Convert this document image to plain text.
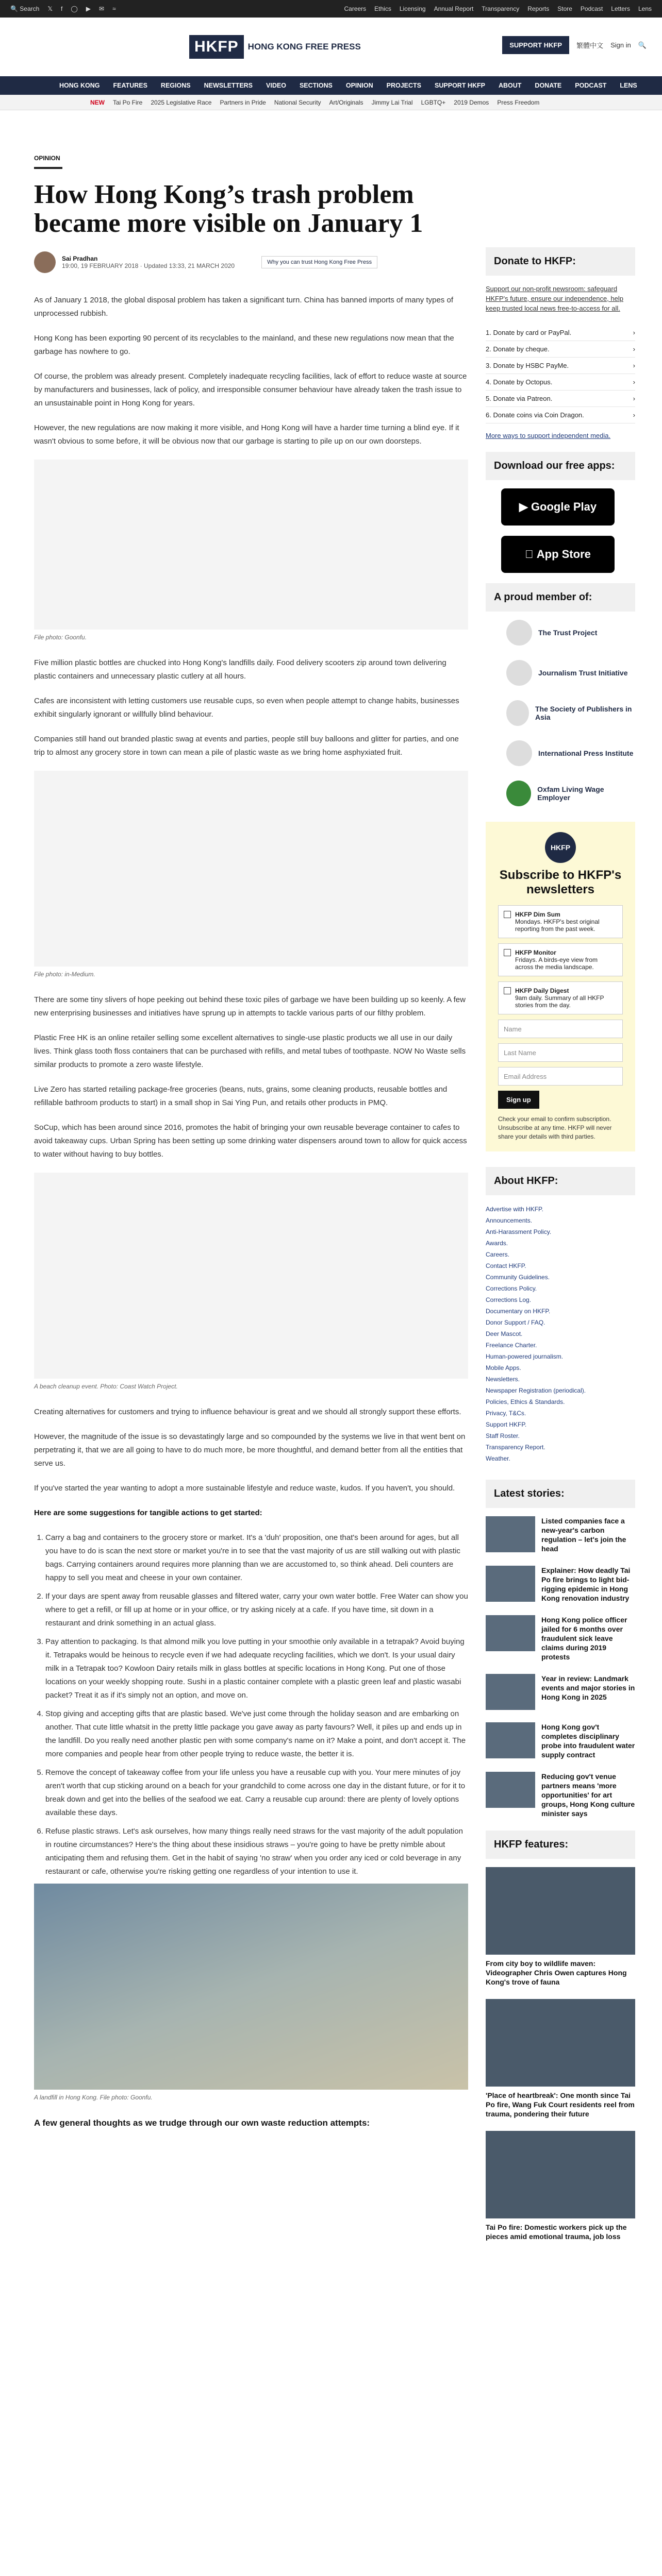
🔍 Search 𝕏 f ◯ ▶ ✉ ≈	Careers Ethics Licensing Annual Report Transparency Reports Store Podcast Letters Lens
HKFP	HONG KONG FREE PRESS	SUPPORT HKFP	繁體中文 Sign in 🔍
HONG KONG FEATURES REGIONS NEWSLETTERS VIDEO SECTIONS OPINION PROJECTS SUPPORT HKFP ABOUT DONATE PODCAST LENS
NEW Tai Po Fire 2025 Legislative Race Partners in Pride National Security Art/Originals Jimmy Lai Trial LGBTQ+ 2019 Demos Press Freedom
OPINION
How Hong Kong’s trash problem became more visible on January 1
Sai Pradhan
19:00, 19 FEBRUARY 2018 · Updated 13:33, 21 MARCH 2020	Why you can trust Hong Kong Free Press

As of January 1 2018, the global disposal problem has taken a significant turn. China has banned imports of many types of unprocessed rubbish.

Hong Kong has been exporting 90 percent of its recyclables to the mainland, and these new regulations now mean that the garbage has nowhere to go.

Of course, the problem was already present. Completely inadequate recycling facilities, lack of effort to reduce waste at source by manufacturers and businesses, lack of policy, and irresponsible consumer behaviour have already taken the trash issue to an unsustainable point in Hong Kong for years.

However, the new regulations are now making it more visible, and Hong Kong will have a harder time turning a blind eye. If it wasn't obvious to some before, it will be obvious now that our garbage is starting to pile up on our own doorsteps.

File photo: Goonfu.

Five million plastic bottles are chucked into Hong Kong's landfills daily. Food delivery scooters zip around town delivering plastic containers and unnecessary plastic cutlery at all hours.

Cafes are inconsistent with letting customers use reusable cups, so even when people attempt to change habits, businesses exhibit singularly ignorant or willfully blind behaviour.

Companies still hand out branded plastic swag at events and parties, people still buy balloons and glitter for parties, and one trip to almost any grocery store in town can mean a pile of plastic waste as we bring home asphyxiated fruit.

File photo: in-Medium.

There are some tiny slivers of hope peeking out behind these toxic piles of garbage we have been building up so keenly. A few new enterprising businesses and initiatives have sprung up in attempts to tackle various parts of our filthy problem.

Plastic Free HK is an online retailer selling some excellent alternatives to single-use plastic products we all use in our daily lives. Think glass tooth floss containers that can be purchased with refills, and metal tubes of toothpaste. NOW No Waste sells similar products to promote a zero waste lifestyle.

Live Zero has started retailing package-free groceries (beans, nuts, grains, some cleaning products, reusable bottles and refillable bathroom products to start) in a small shop in Sai Ying Pun, and retails other products in PMQ.

SoCup, which has been around since 2016, promotes the habit of bringing your own reusable beverage container to cafes to avoid takeaway cups. Urban Spring has been setting up some drinking water dispensers around town to allow for quick access to water without having to buy bottles.

A beach cleanup event. Photo: Coast Watch Project.

Creating alternatives for customers and trying to influence behaviour is great and we should all strongly support these efforts.

However, the magnitude of the issue is so devastatingly large and so compounded by the systems we live in that went bent on perpetrating it, that we are all going to have to do much more, be more thoughtful, and demand better from all the entities that serve us.

If you've started the year wanting to adopt a more sustainable lifestyle and reduce waste, kudos. If you haven't, you should.

Here are some suggestions for tangible actions to get started:

1. Carry a bag and containers to the grocery store or market. It's a 'duh' proposition, one that's been around for ages, but all you have to do is scan the next store or market you're in to see that the vast majority of us are still walking out with plastic bags. Carrying containers around requires more planning than we are accustomed to, so think ahead. Deli counters are happy to sell you meat and cheese in your own container.
2. If your days are spent away from reusable glasses and filtered water, carry your own water bottle. Free Water can show you where to get a refill, or fill up at home or in your office, or try asking nicely at a cafe. If you have time, sit down in a restaurant and drink something in an actual glass.
3. Pay attention to packaging. Is that almond milk you love putting in your smoothie only available in a tetrapak? Avoid buying it. Tetrapaks would be heinous to recycle even if we had adequate recycling facilities, which we don't. Is your usual dairy milk in a Tetrapak too? Kowloon Dairy retails milk in glass bottles at specific locations in Hong Kong. Put one of those locations on your weekly shopping route. Sushi in a plastic container complete with a plastic green leaf and plastic wasabi packet? Treat it as if it's simply not an option, and move on.
4. Stop giving and accepting gifts that are plastic based. We've just come through the holiday season and are embarking on another. That cute little whatsit in the pretty little package you gave away as party favours? Well, it piles up and ends up in the landfill. Do you really need another plastic pen with some company's name on it? Make a point, and don't accept it. The more companies and people hear from other people trying to reduce waste, the better it is.
5. Remove the concept of takeaway coffee from your life unless you have a reusable cup with you. Your mere minutes of joy aren't worth that cup sticking around on a beach for your grandchild to come across one day in the distant future, or for it to break down and get into the bellies of the seafood we eat. Carry a reusable cup around: there are plenty of lovely options available these days.
6. Refuse plastic straws. Let's ask ourselves, how many things really need straws for the vast majority of the adult population in routine circumstances? Here's the thing about these insidious straws – you're going to have be pretty nimble about anticipating them and refusing them. Get in the habit of saying 'no straw' when you order any iced or cold beverage in any restaurant or cafe, otherwise you're risking getting one regardless of your intention to use it.
A landfill in Hong Kong. File photo: Goonfu.

A few general thoughts as we trudge through our own waste reduction attempts:

Donate to HKFP:

Support our non-profit newsroom: safeguard HKFP's future, ensure our independence, help keep trusted local news free-to-access for all.

1. Donate by card or PayPal.	›
2. Donate by cheque.	›
3. Donate by HSBC PayMe.	›
4. Donate by Octopus.	›
5. Donate via Patreon.	›
6. Donate coins via Coin Dragon.	›

More ways to support independent media.

Download our free apps:
▶ Google Play
App Store
A proud member of:
The Trust Project
Journalism Trust Initiative
The Society of Publishers in Asia
International Press Institute
Oxfam Living Wage Employer
HKFP
Subscribe to HKFP's newsletters
HKFP Dim Sum
Mondays. HKFP's best original reporting from the past week.
HKFP Monitor
Fridays. A birds-eye view from across the media landscape.
HKFP Daily Digest
9am daily. Summary of all HKFP stories from the day.
Name
Last Name
Email Address
Sign up
Check your email to confirm subscription. Unsubscribe at any time. HKFP will never share your details with third parties.
About HKFP:
Advertise with HKFP.
Announcements.
Anti-Harassment Policy.
Awards.
Careers.
Contact HKFP.
Community Guidelines.
Corrections Policy.
Corrections Log.
Documentary on HKFP.
Donor Support / FAQ.
Deer Mascot.
Freelance Charter.
Human-powered journalism.
Mobile Apps.
Newsletters.
Newspaper Registration (periodical).
Policies, Ethics & Standards.
Privacy, T&Cs.
Support HKFP.
Staff Roster.
Transparency Report.
Weather.
Latest stories:
Listed companies face a new-year's carbon regulation – let's join the head
Explainer: How deadly Tai Po fire brings to light bid-rigging epidemic in Hong Kong renovation industry
Hong Kong police officer jailed for 6 months over fraudulent sick leave claims during 2019 protests
Year in review: Landmark events and major stories in Hong Kong in 2025
Hong Kong gov't completes disciplinary probe into fraudulent water supply contract
Reducing gov't venue partners means 'more opportunities' for art groups, Hong Kong culture minister says
HKFP features:
From city boy to wildlife maven: Videographer Chris Owen captures Hong Kong's trove of fauna
'Place of heartbreak': One month since Tai Po fire, Wang Fuk Court residents reel from trauma, pondering their future
Tai Po fire: Domestic workers pick up the pieces amid emotional trauma, job loss
